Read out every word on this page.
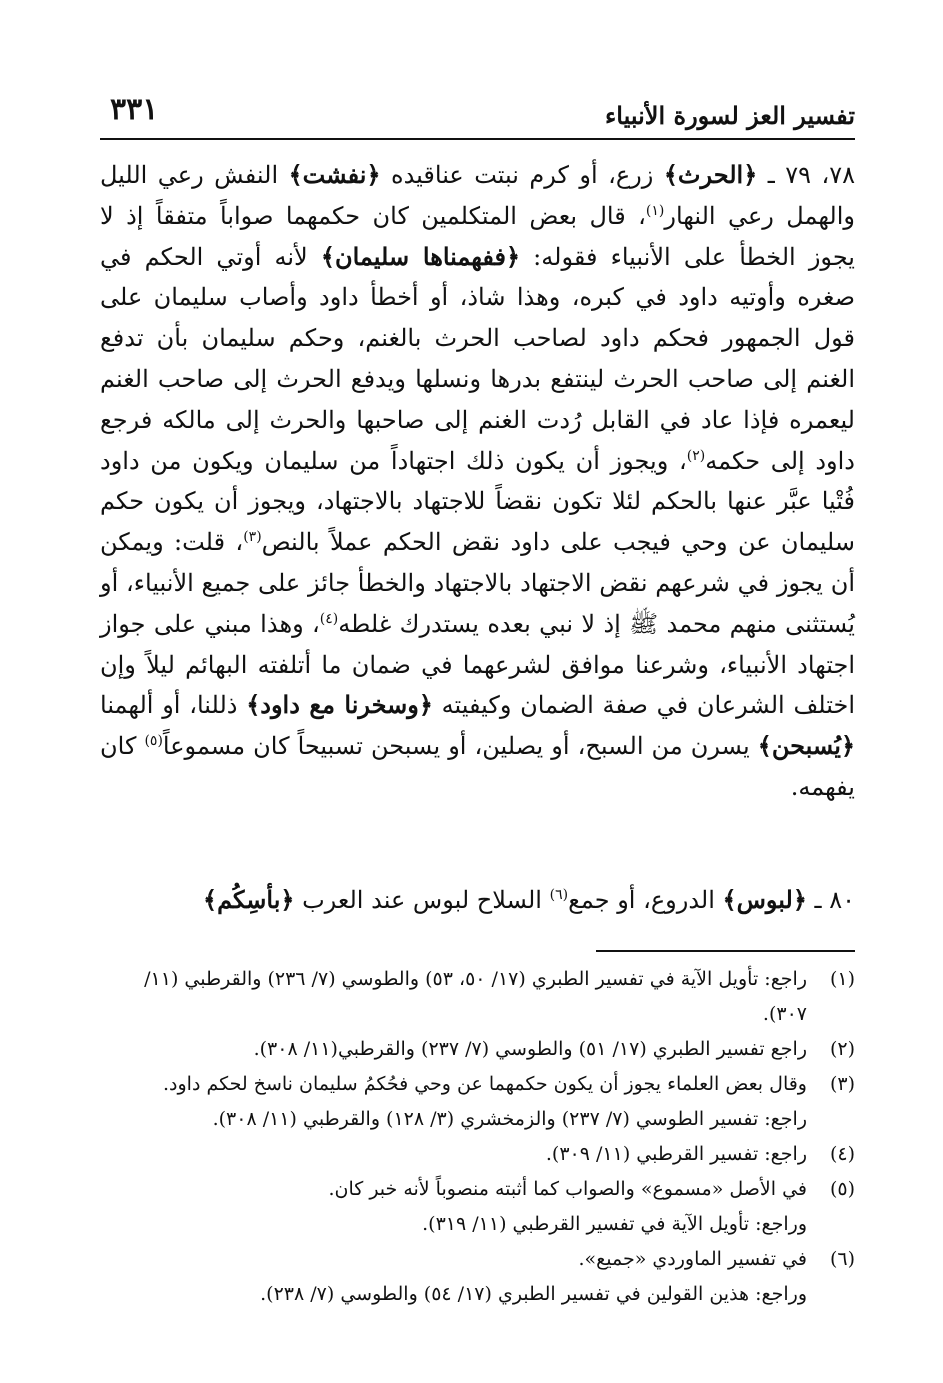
تفسير العز لسورة الأنبياء
٣٣١

٧٨، ٧٩ ـ ﴿الحرث﴾ زرع، أو كرم نبتت عناقيده ﴿نفشت﴾ النفش رعي الليل والهمل رعي النهار$^{(١)}$، قال بعض المتكلمين كان حكمهما صواباً متفقاً إذ لا يجوز الخطأ على الأنبياء فقوله: ﴿ففهمناها سليمان﴾ لأنه أوتي الحكم في صغره وأوتيه داود في كبره، وهذا شاذ، أو أخطأ داود وأصاب سليمان على قول الجمهور فحكم داود لصاحب الحرث بالغنم، وحكم سليمان بأن تدفع الغنم إلى صاحب الحرث لينتفع بدرها ونسلها ويدفع الحرث إلى صاحب الغنم ليعمره فإذا عاد في القابل رُدت الغنم إلى صاحبها والحرث إلى مالكه فرجع داود إلى حكمه$^{(٢)}$، ويجوز أن يكون ذلك اجتهاداً من سليمان ويكون من داود فُتْيا عبَّر عنها بالحكم لئلا تكون نقضاً للاجتهاد بالاجتهاد، ويجوز أن يكون حكم سليمان عن وحي فيجب على داود نقض الحكم عملاً بالنص$^{(٣)}$، قلت: ويمكن أن يجوز في شرعهم نقض الاجتهاد بالاجتهاد والخطأ جائز على جميع الأنبياء، أو يُستثنى منهم محمد ﷺ إذ لا نبي بعده يستدرك غلطه$^{(٤)}$، وهذا مبني على جواز اجتهاد الأنبياء، وشرعنا موافق لشرعهما في ضمان ما أتلفته البهائم ليلاً وإن اختلف الشرعان في صفة الضمان وكيفيته ﴿وسخرنا مع داود﴾ ذللنا، أو ألهمنا ﴿يُسبحن﴾ يسرن من السبح، أو يصلين، أو يسبحن تسبيحاً كان مسموعاً$^{(٥)}$ كان يفهمه.

٨٠ ـ ﴿لبوس﴾ الدروع، أو جمع$^{(٦)}$ السلاح لبوس عند العرب ﴿بأسِكُم﴾
(١)
راجع: تأويل الآية في تفسير الطبري (١٧/ ٥٠، ٥٣) والطوسي (٧/ ٢٣٦) والقرطبي (١١/ ٣٠٧).
(٢)
راجع تفسير الطبري (١٧/ ٥١) والطوسي (٧/ ٢٣٧) والقرطبي(١١/ ٣٠٨).
(٣)
وقال بعض العلماء يجوز أن يكون حكمهما عن وحي فحُكمُ سليمان ناسخ لحكم داود.
راجع: تفسير الطوسي (٧/ ٢٣٧) والزمخشري (٣/ ١٢٨) والقرطبي (١١/ ٣٠٨).
(٤)
راجع: تفسير القرطبي (١١/ ٣٠٩).
(٥)
في الأصل «مسموع» والصواب كما أثبته منصوباً لأنه خبر كان.
وراجع: تأويل الآية في تفسير القرطبي (١١/ ٣١٩).
(٦)
في تفسير الماوردي «جميع».
وراجع: هذين القولين في تفسير الطبري (١٧/ ٥٤) والطوسي (٧/ ٢٣٨).
